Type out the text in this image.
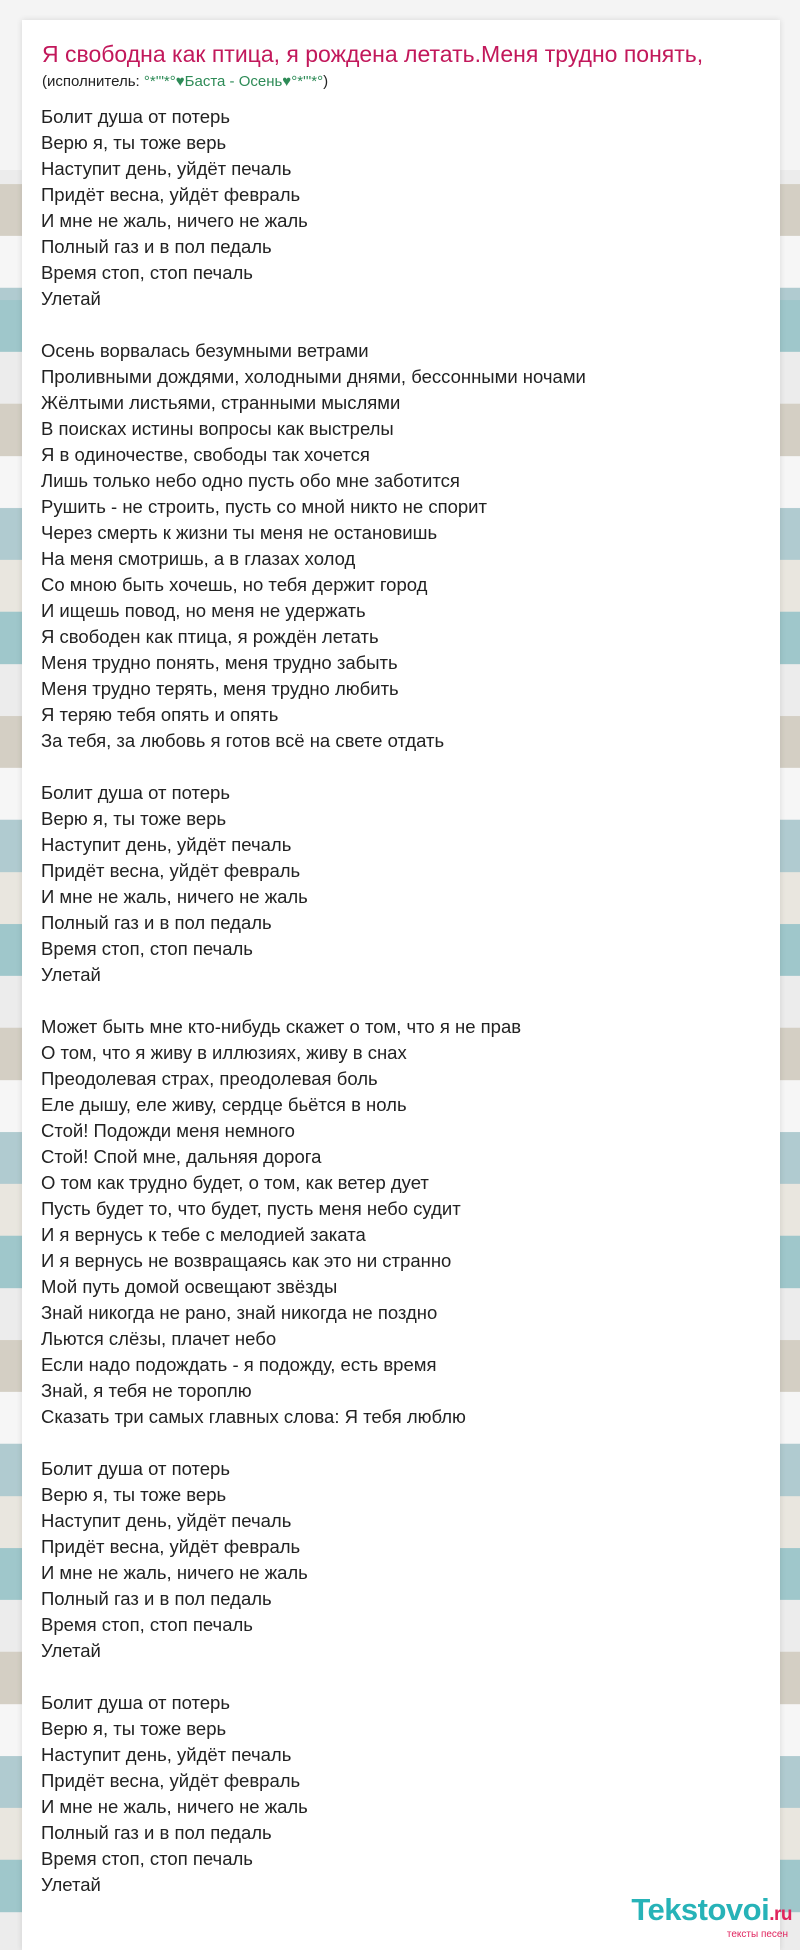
Я свободна как птица, я рождена летать.Меня трудно понять,
(исполнитель: °*'"*°♥Баста - Осень♥°*'"*°)
Болит душа от потерь
Верю я, ты тоже верь
Наступит день, уйдёт печаль
Придёт весна, уйдёт февраль
И мне не жаль, ничего не жаль
Полный газ и в пол педаль
Время стоп, стоп печаль
Улетай
Осень ворвалась безумными ветрами
Проливными дождями, холодными днями, бессонными ночами
Жёлтыми листьями, странными мыслями
В поисках истины вопросы как выстрелы
Я в одиночестве, свободы так хочется
Лишь только небо одно пусть обо мне заботится
Рушить - не строить, пусть со мной никто не спорит
Через смерть к жизни ты меня не остановишь
На меня смотришь, а в глазах холод
Со мною быть хочешь, но тебя держит город
И ищешь повод, но меня не удержать
Я свободен как птица, я рождён летать
Меня трудно понять, меня трудно забыть
Меня трудно терять, меня трудно любить
Я теряю тебя опять и опять
За тебя, за любовь я готов всё на свете отдать
Болит душа от потерь
Верю я, ты тоже верь
Наступит день, уйдёт печаль
Придёт весна, уйдёт февраль
И мне не жаль, ничего не жаль
Полный газ и в пол педаль
Время стоп, стоп печаль
Улетай
Может быть мне кто-нибудь скажет о том, что я не прав
О том, что я живу в иллюзиях, живу в снах
Преодолевая страх, преодолевая боль
Еле дышу, еле живу, сердце бьётся в ноль
Стой! Подожди меня немного
Стой! Спой мне, дальняя дорога
О том как трудно будет, о том, как ветер дует
Пусть будет то, что будет, пусть меня небо судит
И я вернусь к тебе с мелодией заката
И я вернусь не возвращаясь как это ни странно
Мой путь домой освещают звёзды
Знай никогда не рано, знай никогда не поздно
Льются слёзы, плачет небо
Если надо подождать - я подожду, есть время
Знай, я тебя не тороплю
Сказать три самых главных слова: Я тебя люблю
Болит душа от потерь
Верю я, ты тоже верь
Наступит день, уйдёт печаль
Придёт весна, уйдёт февраль
И мне не жаль, ничего не жаль
Полный газ и в пол педаль
Время стоп, стоп печаль
Улетай
Болит душа от потерь
Верю я, ты тоже верь
Наступит день, уйдёт печаль
Придёт весна, уйдёт февраль
И мне не жаль, ничего не жаль
Полный газ и в пол педаль
Время стоп, стоп печаль
Улетай
Tekstovoi.ru
тексты песен
